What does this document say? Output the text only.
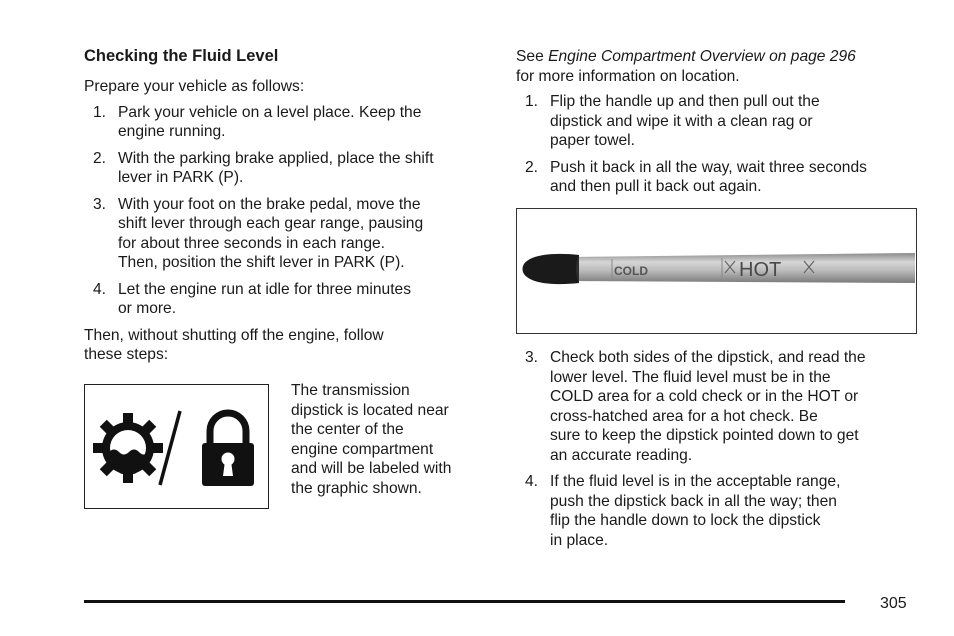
Checking the Fluid Level

Prepare your vehicle as follows:

1. Park your vehicle on a level place. Keep the
engine running.
2. With the parking brake applied, place the shift
lever in PARK (P).
3. With your foot on the brake pedal, move the
shift lever through each gear range, pausing
for about three seconds in each range.
Then, position the shift lever in PARK (P).
4. Let the engine run at idle for three minutes
or more.
Then, without shutting off the engine, follow
these steps:
The transmission
dipstick is located near
the center of the
engine compartment
and will be labeled with
the graphic shown.
See Engine Compartment Overview on page 296
for more information on location.
1. Flip the handle up and then pull out the
dipstick and wipe it with a clean rag or
paper towel.
2. Push it back in all the way, wait three seconds
and then pull it back out again.
COLD	HOT
3. Check both sides of the dipstick, and read the
lower level. The fluid level must be in the
COLD area for a cold check or in the HOT or
cross-hatched area for a hot check. Be
sure to keep the dipstick pointed down to get
an accurate reading.
4. If the fluid level is in the acceptable range,
push the dipstick back in all the way; then
flip the handle down to lock the dipstick
in place.
305
